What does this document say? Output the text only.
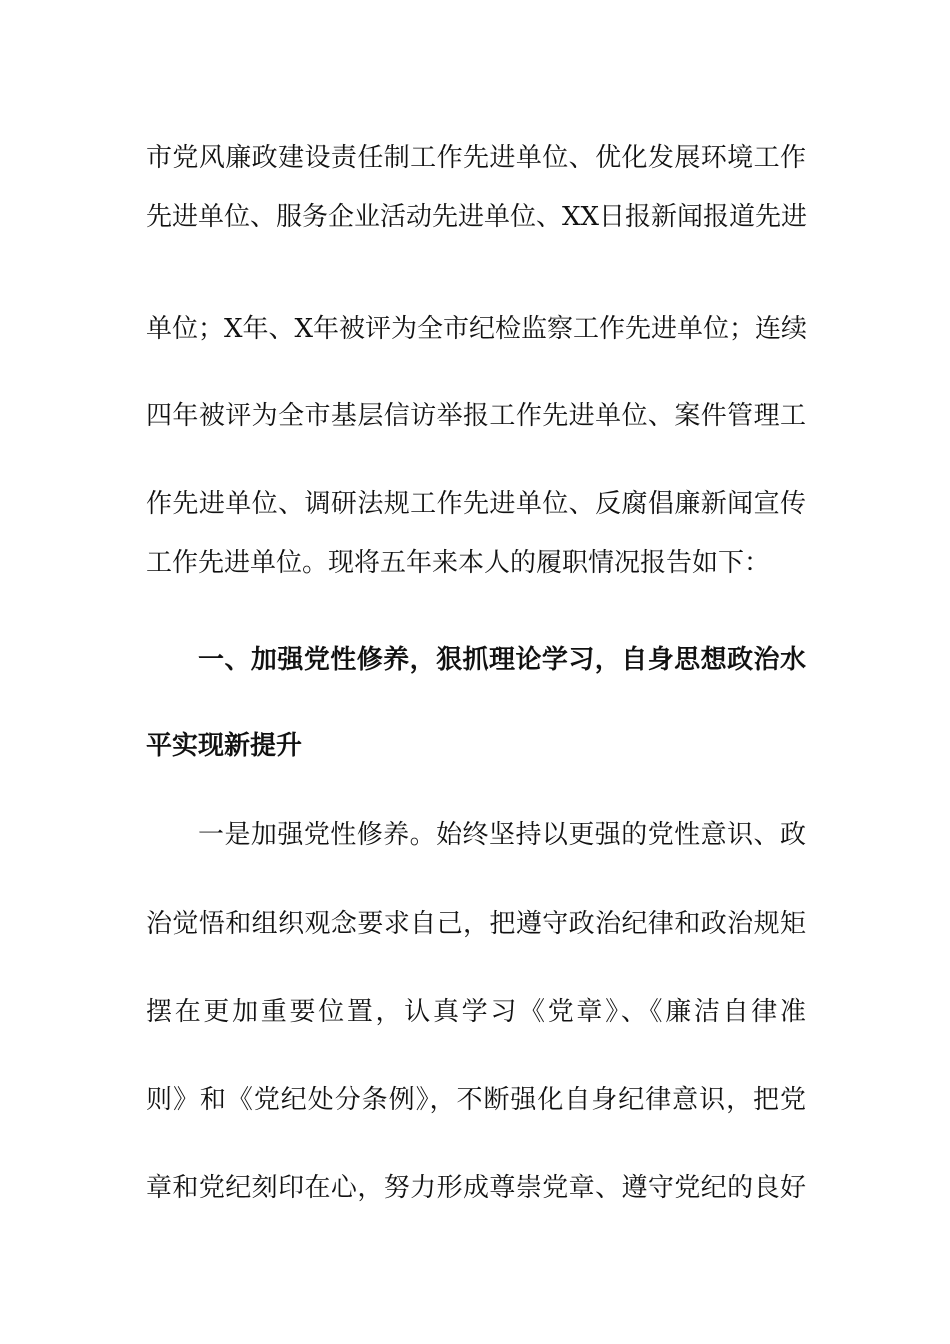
市党风廉政建设责任制工作先进单位、优化发展环境工作
先进单位、服务企业活动先进单位、XX日报新闻报道先进
单位；X年、X年被评为全市纪检监察工作先进单位；连续
四年被评为全市基层信访举报工作先进单位、案件管理工
作先进单位、调研法规工作先进单位、反腐倡廉新闻宣传
工作先进单位。现将五年来本人的履职情况报告如下：
一、加强党性修养，狠抓理论学习，自身思想政治水
平实现新提升
一是加强党性修养。始终坚持以更强的党性意识、政
治觉悟和组织观念要求自己，把遵守政治纪律和政治规矩
摆在更加重要位置，认真学习《党章》、《廉洁自律准
则》和《党纪处分条例》，不断强化自身纪律意识，把党
章和党纪刻印在心，努力形成尊崇党章、遵守党纪的良好
